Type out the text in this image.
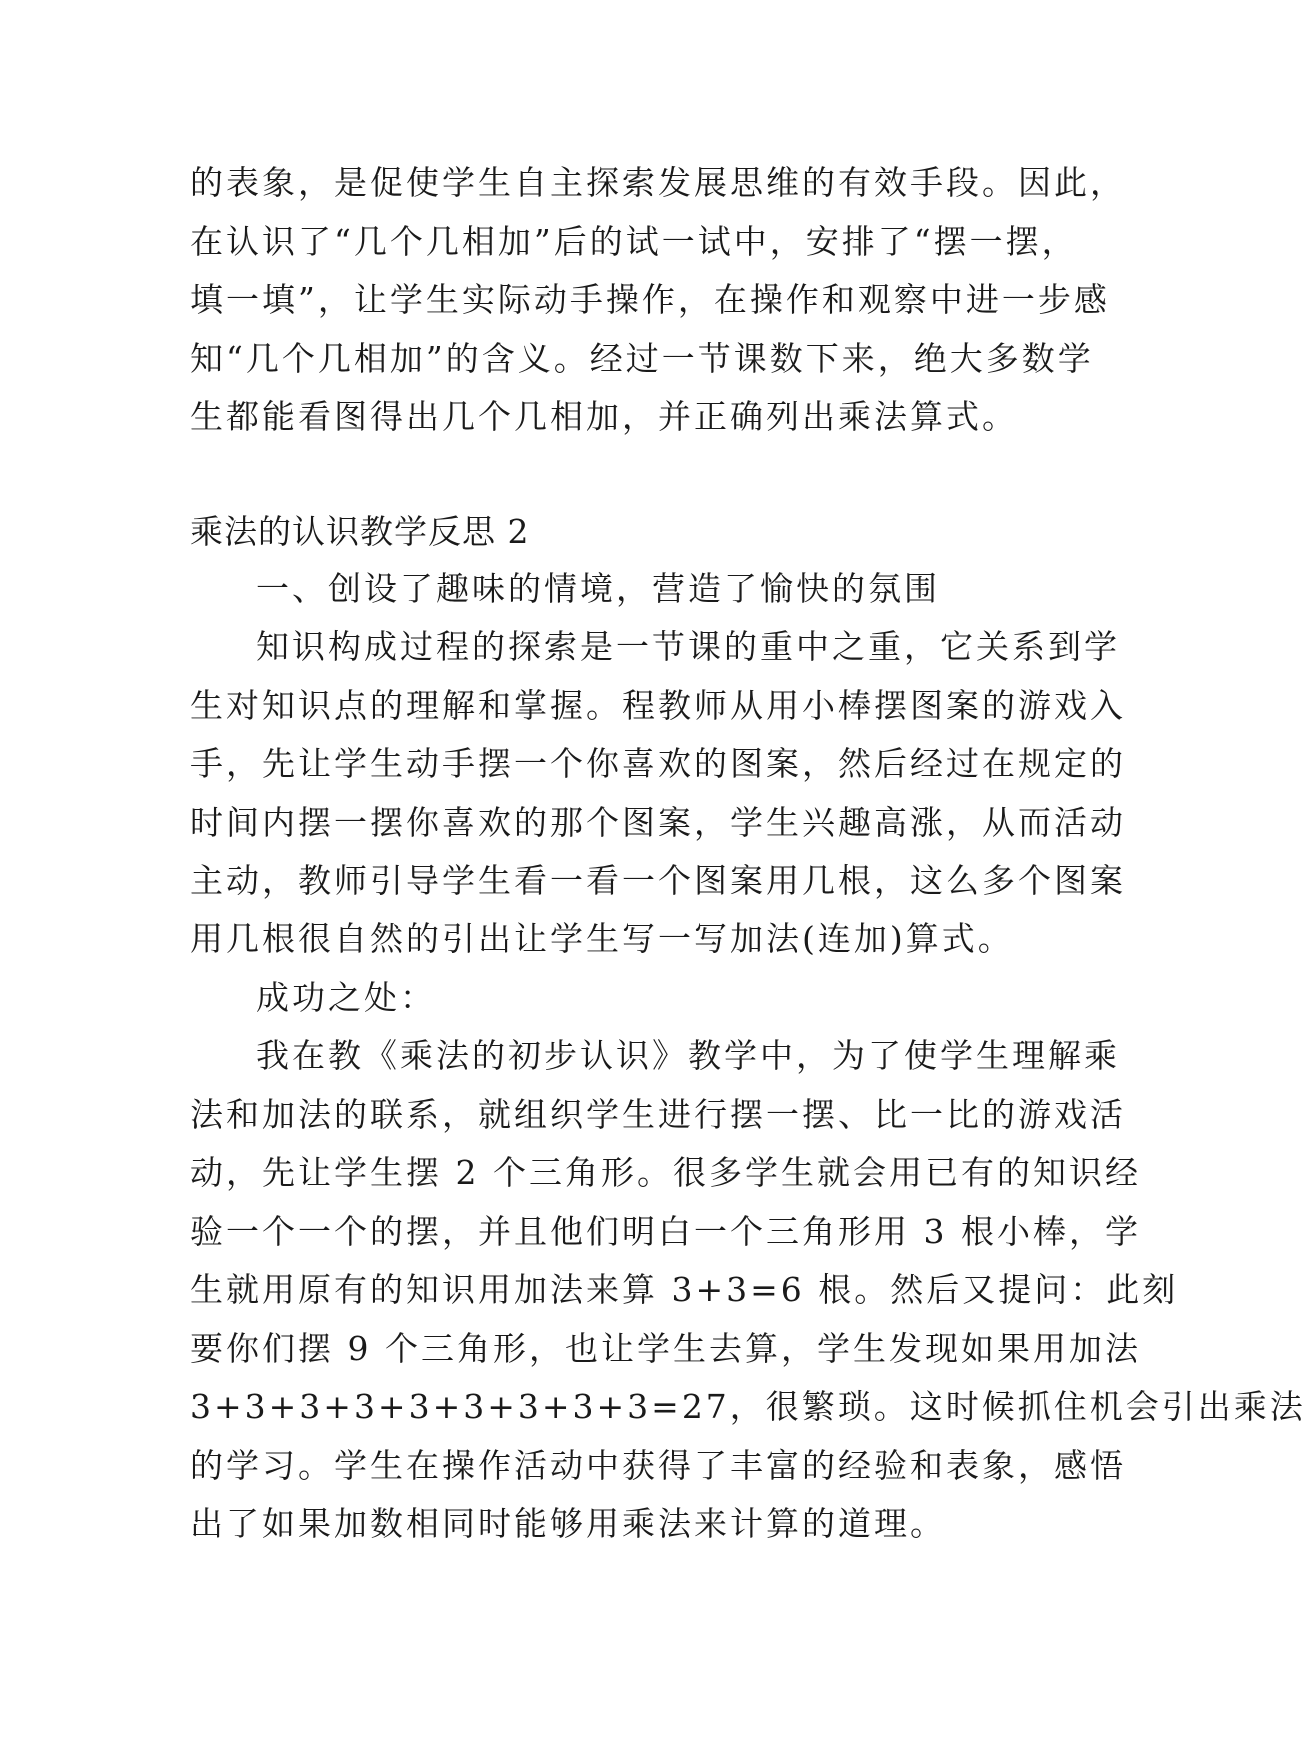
的表象，是促使学生自主探索发展思维的有效手段。因此，
在认识了“几个几相加”后的试一试中，安排了“摆一摆，
填一填”，让学生实际动手操作，在操作和观察中进一步感
知“几个几相加”的含义。经过一节课数下来，绝大多数学
生都能看图得出几个几相加，并正确列出乘法算式。
乘法的认识教学反思 2
一、创设了趣味的情境，营造了愉快的氛围
知识构成过程的探索是一节课的重中之重，它关系到学
生对知识点的理解和掌握。程教师从用小棒摆图案的游戏入
手，先让学生动手摆一个你喜欢的图案，然后经过在规定的
时间内摆一摆你喜欢的那个图案，学生兴趣高涨，从而活动
主动，教师引导学生看一看一个图案用几根，这么多个图案
用几根很自然的引出让学生写一写加法(连加)算式。
成功之处：
我在教《乘法的初步认识》教学中，为了使学生理解乘
法和加法的联系，就组织学生进行摆一摆、比一比的游戏活
动，先让学生摆 2 个三角形。很多学生就会用已有的知识经
验一个一个的摆，并且他们明白一个三角形用 3 根小棒，学
生就用原有的知识用加法来算 3+3=6 根。然后又提问：此刻
要你们摆 9 个三角形，也让学生去算，学生发现如果用加法
3+3+3+3+3+3+3+3+3=27，很繁琐。这时候抓住机会引出乘法
的学习。学生在操作活动中获得了丰富的经验和表象，感悟
出了如果加数相同时能够用乘法来计算的道理。
